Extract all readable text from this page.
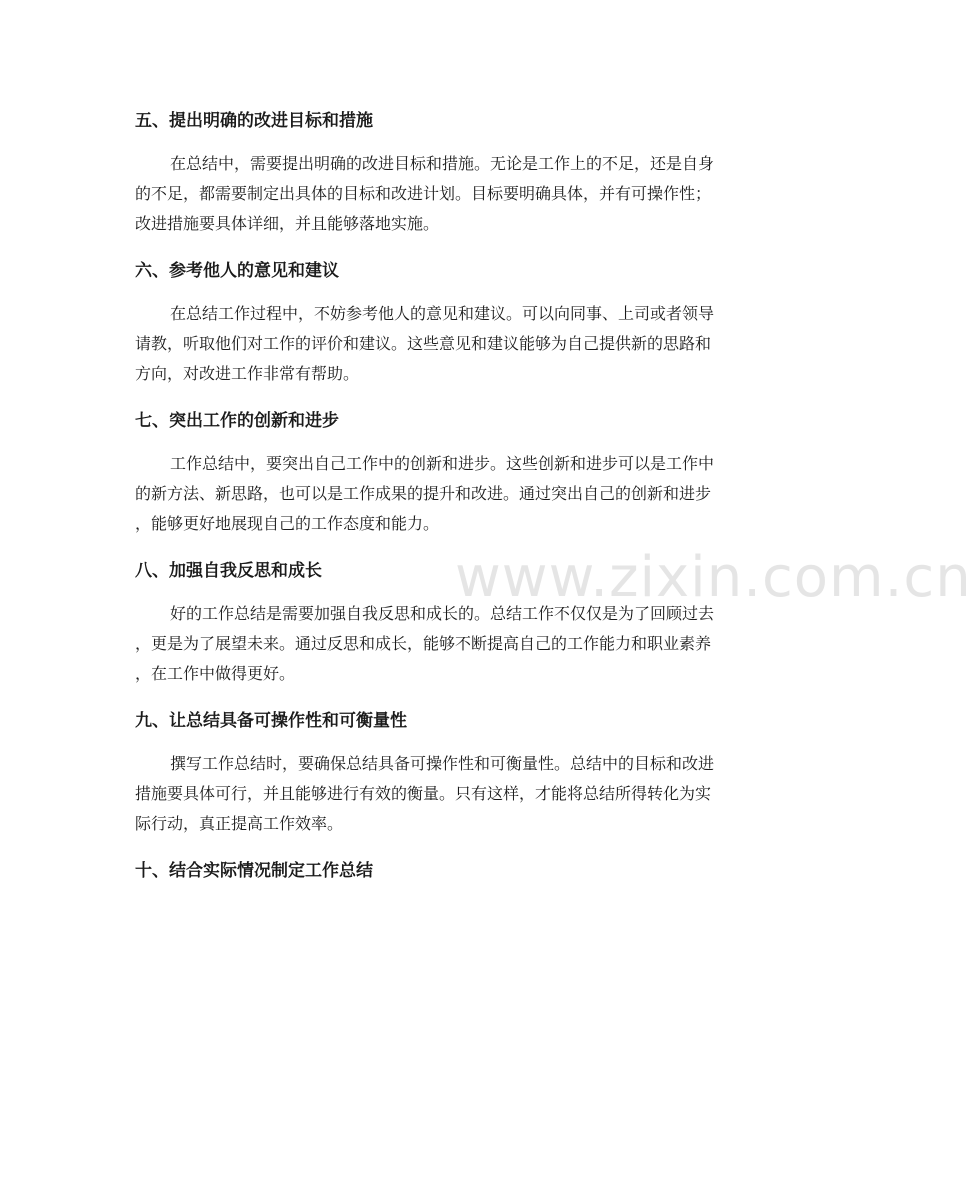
五、提出明确的改进目标和措施
在总结中，需要提出明确的改进目标和措施。无论是工作上的不足，还是自身
的不足，都需要制定出具体的目标和改进计划。目标要明确具体，并有可操作性；
改进措施要具体详细，并且能够落地实施。
六、参考他人的意见和建议
在总结工作过程中，不妨参考他人的意见和建议。可以向同事、上司或者领导
请教，听取他们对工作的评价和建议。这些意见和建议能够为自己提供新的思路和
方向，对改进工作非常有帮助。
七、突出工作的创新和进步
工作总结中，要突出自己工作中的创新和进步。这些创新和进步可以是工作中
的新方法、新思路，也可以是工作成果的提升和改进。通过突出自己的创新和进步
，能够更好地展现自己的工作态度和能力。
八、加强自我反思和成长
好的工作总结是需要加强自我反思和成长的。总结工作不仅仅是为了回顾过去
，更是为了展望未来。通过反思和成长，能够不断提高自己的工作能力和职业素养
，在工作中做得更好。
九、让总结具备可操作性和可衡量性
撰写工作总结时，要确保总结具备可操作性和可衡量性。总结中的目标和改进
措施要具体可行，并且能够进行有效的衡量。只有这样，才能将总结所得转化为实
际行动，真正提高工作效率。
十、结合实际情况制定工作总结
www.zixin.com.cn
